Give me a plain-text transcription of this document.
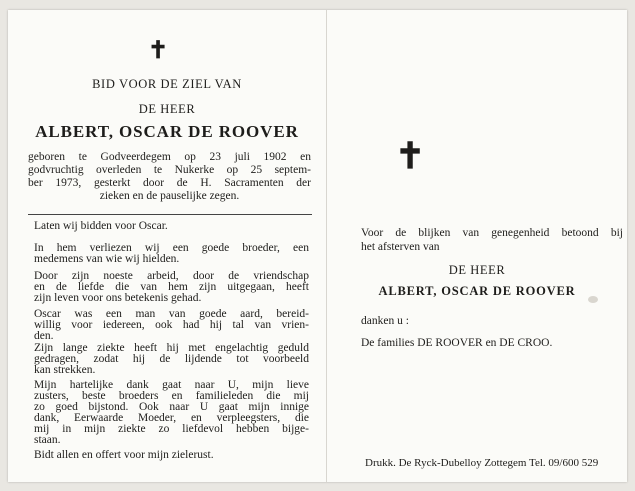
✝
BID VOOR DE ZIEL VAN
DE HEER
ALBERT, OSCAR DE ROOVER
geboren te Godveerdegem op 23 juli 1902 en
godvruchtig overleden te Nukerke op 25 septem-
ber 1973, gesterkt door de H. Sacramenten der
zieken en de pauselijke zegen.
Laten wij bidden voor Oscar.
In hem verliezen wij een goede broeder, een
medemens van wie wij hielden.
Door zijn noeste arbeid, door de vriendschap
en de liefde die van hem zijn uitgegaan, heeft
zijn leven voor ons betekenis gehad.
Oscar was een man van goede aard, bereid-
willig voor iedereen, ook had hij tal van vrien-
den.
Zijn lange ziekte heeft hij met engelachtig geduld
gedragen, zodat hij de lijdende tot voorbeeld
kan strekken.
Mijn hartelijke dank gaat naar U, mijn lieve
zusters, beste broeders en familieleden die mij
zo goed bijstond. Ook naar U gaat mijn innige
dank, Eerwaarde Moeder, en verpleegsters, die
mij in mijn ziekte zo liefdevol hebben bijge-
staan.
Bidt allen en offert voor mijn zielerust.
✝
Voor de blijken van genegenheid betoond bij
het afsterven van
DE HEER
ALBERT, OSCAR DE ROOVER
danken u :
De families DE ROOVER en DE CROO.
Drukk. De Ryck-Dubelloy Zottegem Tel. 09/600 529
